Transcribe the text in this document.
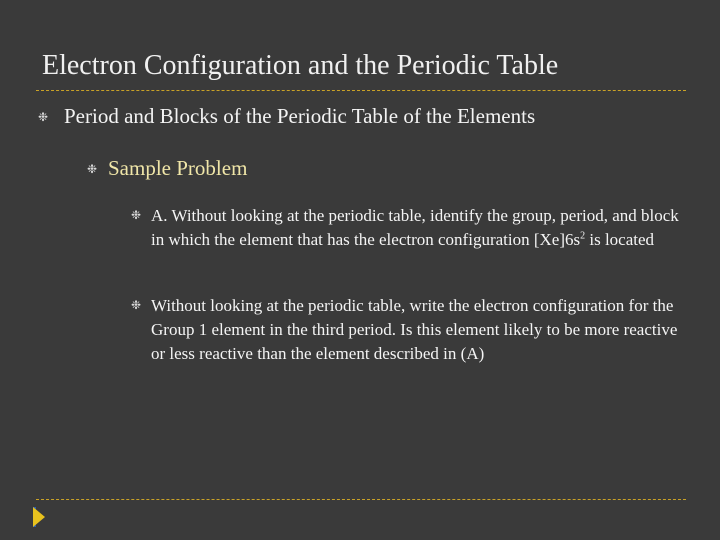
Electron Configuration and the Periodic Table
❉ Period and Blocks of the Periodic Table of the Elements
❉ Sample Problem
❉ A. Without looking at the periodic table, identify the group, period, and block in which the element that has the electron configuration $[Xe]6s^2$ is located
❉ Without looking at the periodic table, write the electron configuration for the Group 1 element in the third period. Is this element likely to be more reactive or less reactive than the element described in (A)
